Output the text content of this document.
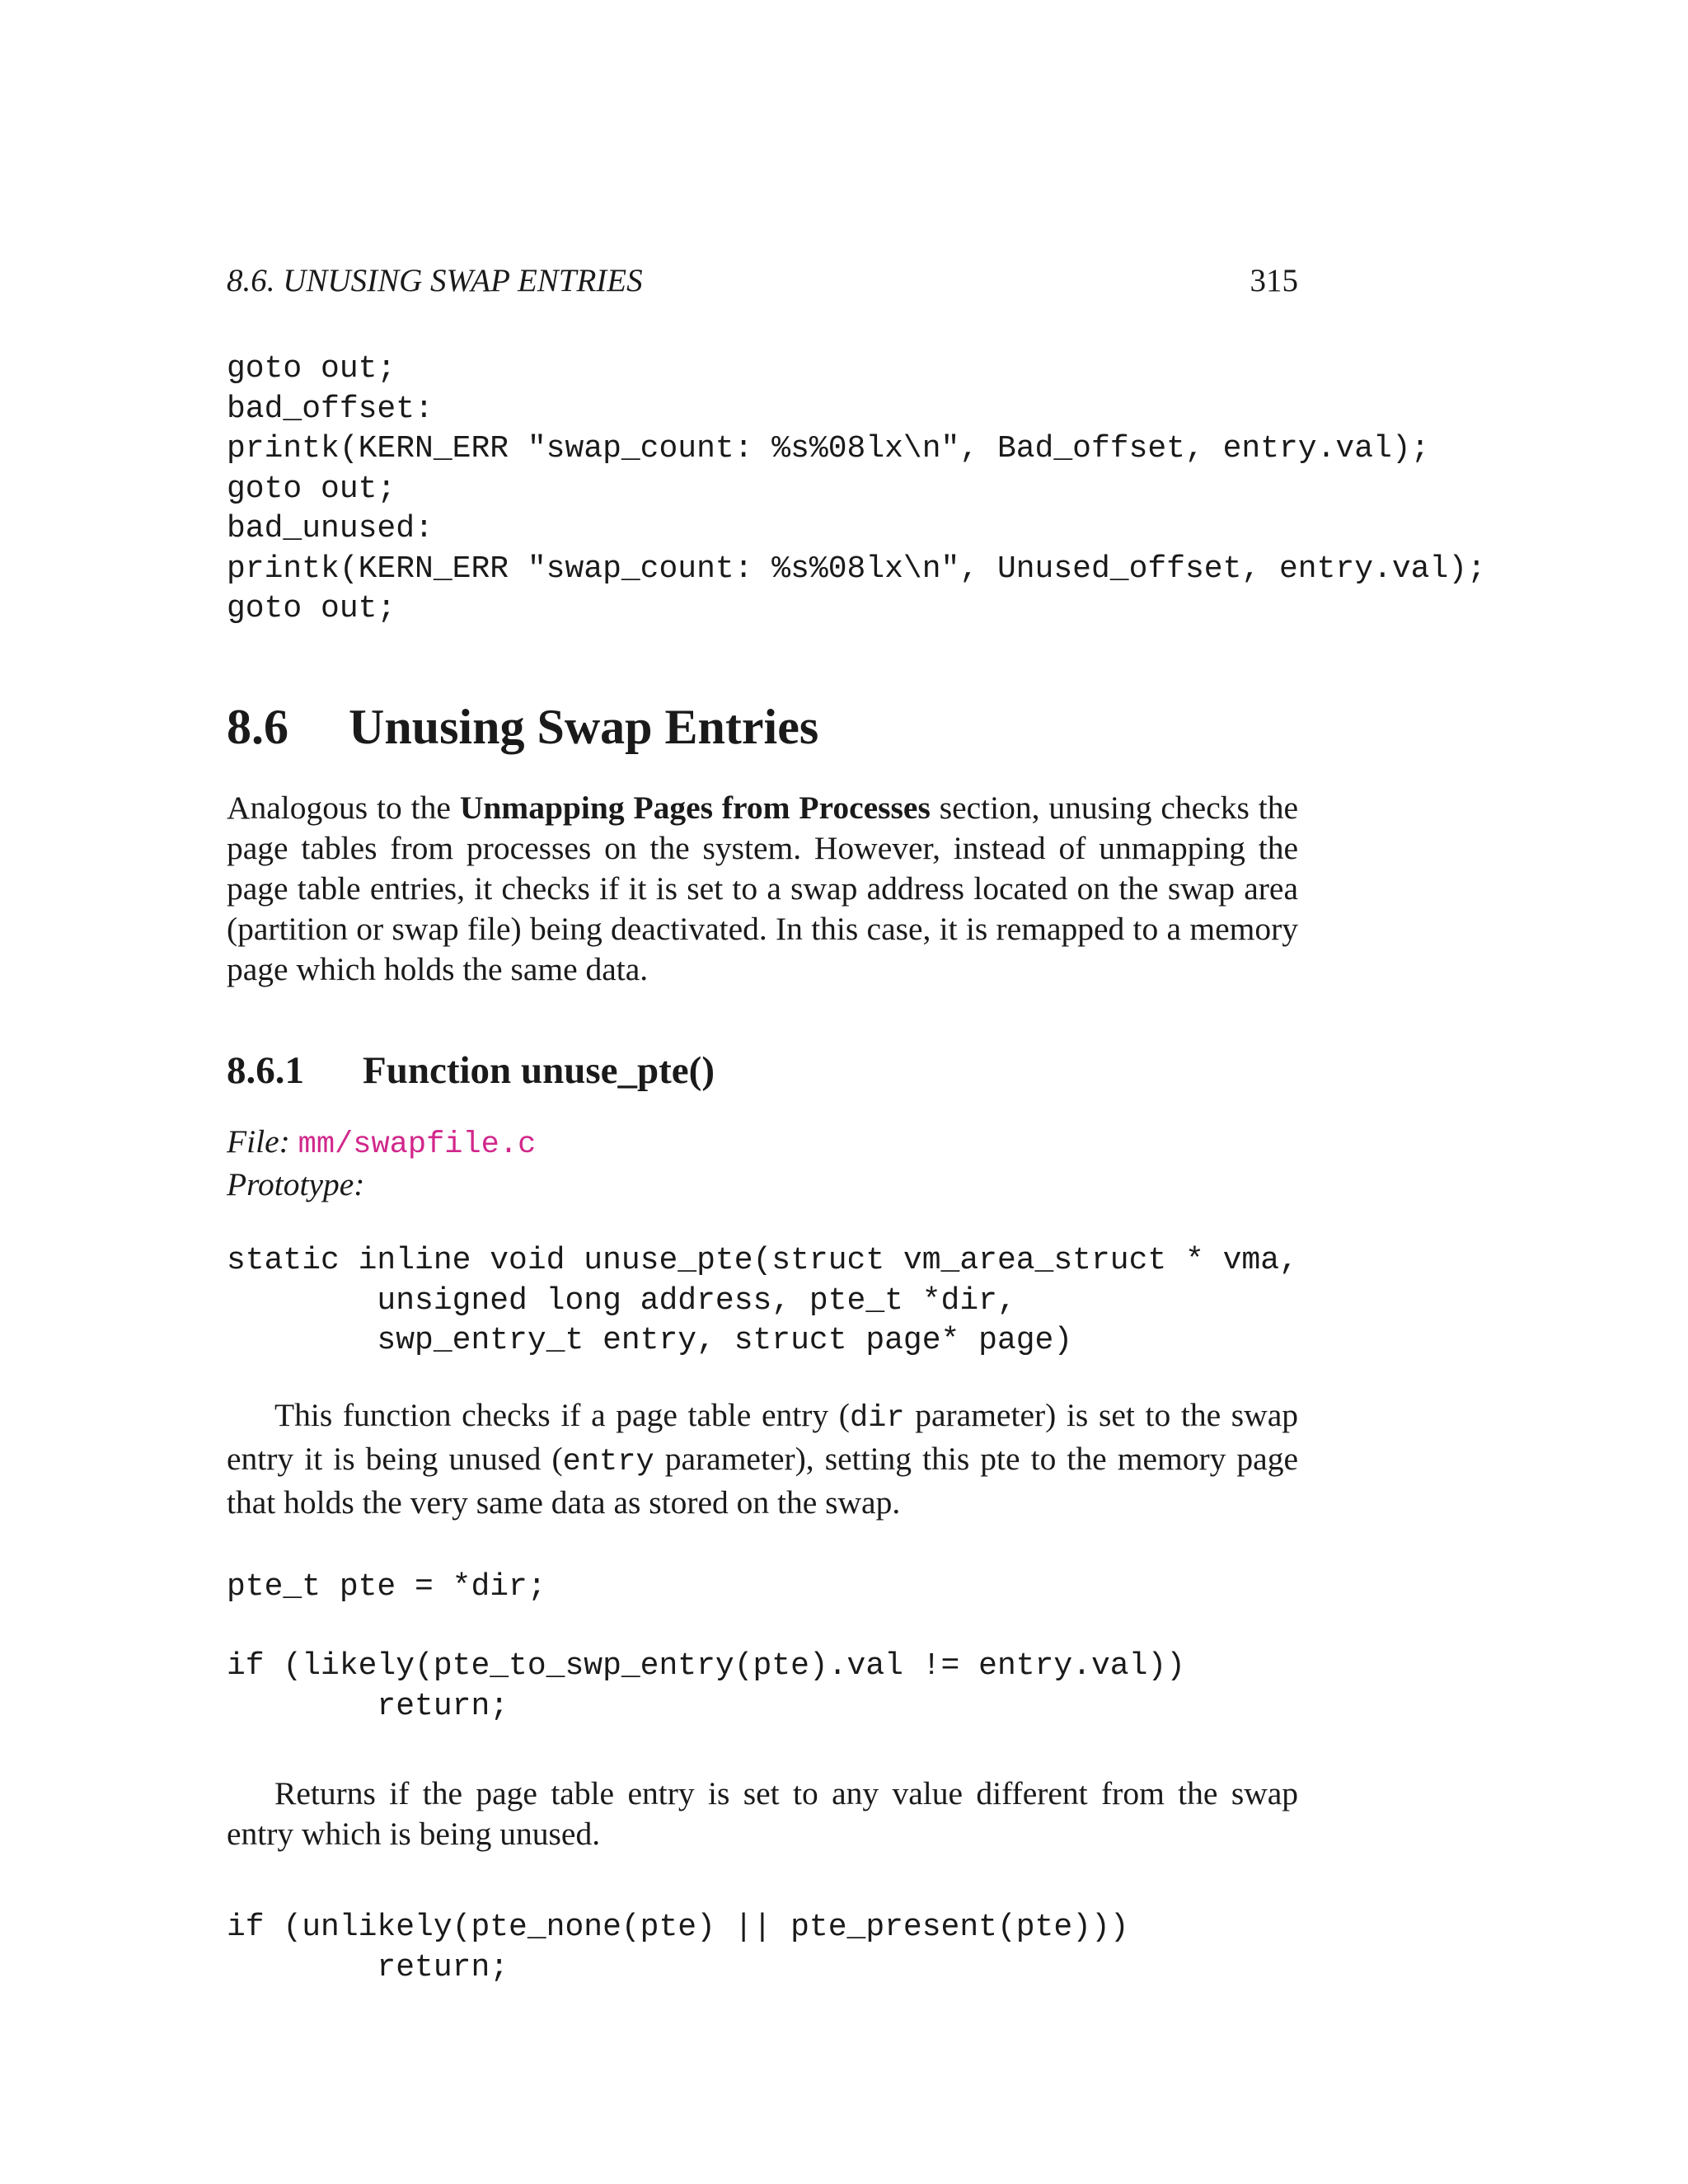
8.6. UNUSING SWAP ENTRIES	315
goto out;
bad_offset:
printk(KERN_ERR "swap_count: %s%08lx\n", Bad_offset, entry.val);
goto out;
bad_unused:
printk(KERN_ERR "swap_count: %s%08lx\n", Unused_offset, entry.val);
goto out;
8.6 Unusing Swap Entries

Analogous to the Unmapping Pages from Processes section, unusing checks the page tables from processes on the system. However, instead of unmapping the page table entries, it checks if it is set to a swap address located on the swap area (partition or swap file) being deactivated. In this case, it is remapped to a memory page which holds the same data.

8.6.1 Function unuse_pte()
File: mm/swapfile.c
Prototype:
static inline void unuse_pte(struct vm_area_struct * vma,
unsigned long address, pte_t *dir,
swp_entry_t entry, struct page* page)

This function checks if a page table entry (dir parameter) is set to the swap entry it is being unused (entry parameter), setting this pte to the memory page that holds the very same data as stored on the swap.

pte_t pte = *dir;
if (likely(pte_to_swp_entry(pte).val != entry.val))
return;

Returns if the page table entry is set to any value different from the swap entry which is being unused.

if (unlikely(pte_none(pte) || pte_present(pte)))
return;
